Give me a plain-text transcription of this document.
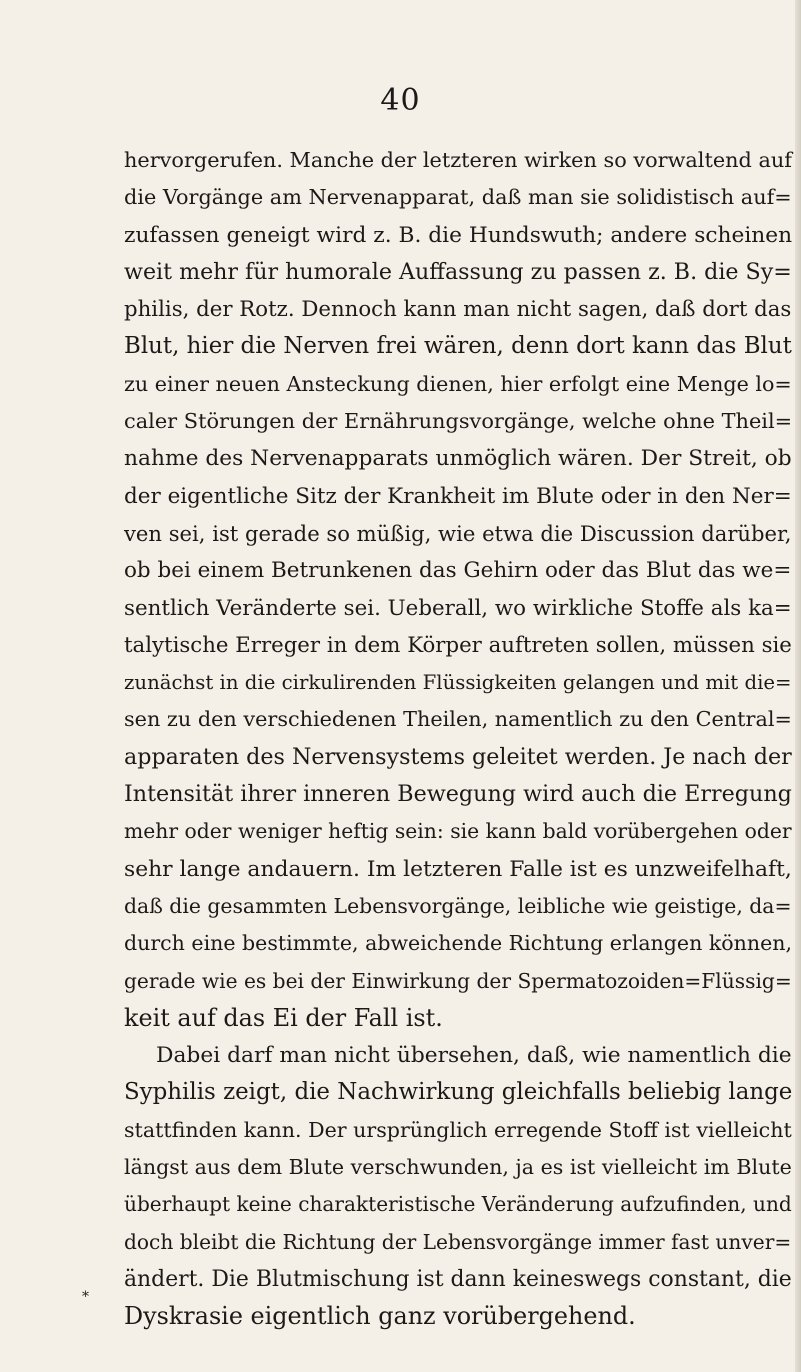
40
hervorgerufen. Manche der letzteren wirken so vorwaltend auf
die Vorgänge am Nervenapparat, daß man sie solidistisch auf=
zufassen geneigt wird z. B. die Hundswuth; andere scheinen
weit mehr für humorale Auffassung zu passen z. B. die Sy=
philis, der Rotz. Dennoch kann man nicht sagen, daß dort das
Blut, hier die Nerven frei wären, denn dort kann das Blut
zu einer neuen Ansteckung dienen, hier erfolgt eine Menge lo=
caler Störungen der Ernährungsvorgänge, welche ohne Theil=
nahme des Nervenapparats unmöglich wären. Der Streit, ob
der eigentliche Sitz der Krankheit im Blute oder in den Ner=
ven sei, ist gerade so müßig, wie etwa die Discussion darüber,
ob bei einem Betrunkenen das Gehirn oder das Blut das we=
sentlich Veränderte sei. Ueberall, wo wirkliche Stoffe als ka=
talytische Erreger in dem Körper auftreten sollen, müssen sie
zunächst in die cirkulirenden Flüssigkeiten gelangen und mit die=
sen zu den verschiedenen Theilen, namentlich zu den Central=
apparaten des Nervensystems geleitet werden. Je nach der
Intensität ihrer inneren Bewegung wird auch die Erregung
mehr oder weniger heftig sein: sie kann bald vorübergehen oder
sehr lange andauern. Im letzteren Falle ist es unzweifelhaft,
daß die gesammten Lebensvorgänge, leibliche wie geistige, da=
durch eine bestimmte, abweichende Richtung erlangen können,
gerade wie es bei der Einwirkung der Spermatozoiden=Flüssig=
keit auf das Ei der Fall ist.
Dabei darf man nicht übersehen, daß, wie namentlich die
Syphilis zeigt, die Nachwirkung gleichfalls beliebig lange
stattfinden kann. Der ursprünglich erregende Stoff ist vielleicht
längst aus dem Blute verschwunden, ja es ist vielleicht im Blute
überhaupt keine charakteristische Veränderung aufzufinden, und
doch bleibt die Richtung der Lebensvorgänge immer fast unver=
ändert. Die Blutmischung ist dann keineswegs constant, die
Dyskrasie eigentlich ganz vorübergehend.
*
